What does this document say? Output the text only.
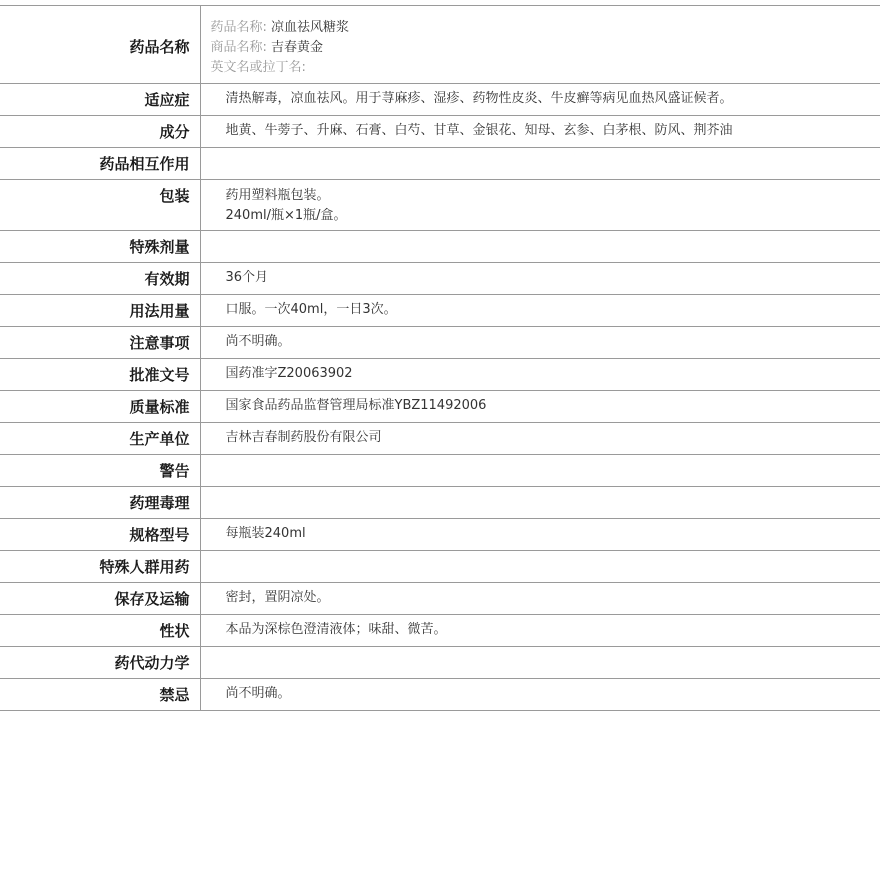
药品名称	药品名称: 凉血祛风糖浆
商品名称: 吉春黄金
英文名或拉丁名:

适应症	清热解毒，凉血祛风。用于荨麻疹、湿疹、药物性皮炎、牛皮癣等病见血热风盛证候者。
成分	地黄、牛蒡子、升麻、石膏、白芍、甘草、金银花、知母、玄参、白茅根、防风、荆芥油
药品相互作用	
包装	药用塑料瓶包装。
240ml/瓶×1瓶/盒。

特殊剂量	
有效期	36个月
用法用量	口服。一次40ml，一日3次。
注意事项	尚不明确。
批准文号	国药准字Z20063902
质量标准	国家食品药品监督管理局标准YBZ11492006
生产单位	吉林吉春制药股份有限公司
警告	
药理毒理	
规格型号	每瓶装240ml
特殊人群用药	
保存及运输	密封，置阴凉处。
性状	本品为深棕色澄清液体；味甜、微苦。
药代动力学	
禁忌	尚不明确。
